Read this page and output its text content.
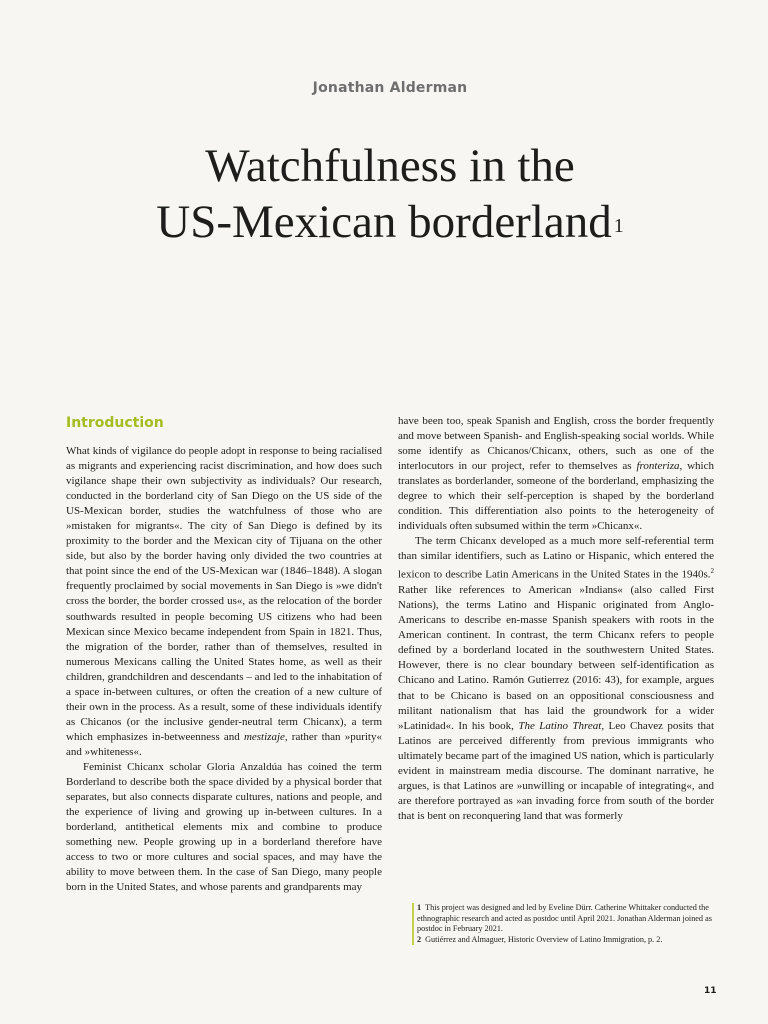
Jonathan Alderman
Watchfulness in the
US-Mexican borderland $^1$
Introduction

What kinds of vigilance do people adopt in response to being racialised as migrants and experiencing racist discrimination, and how does such vigilance shape their own subjectivity as individuals? Our research, conducted in the borderland city of San Diego on the US side of the US-Mexican border, studies the watchfulness of those who are »mistaken for migrants«. The city of San Diego is defined by its proximity to the border and the Mexican city of Tijuana on the other side, but also by the border having only divided the two countries at that point since the end of the US-Mexican war (1846–1848). A slogan frequently proclaimed by social movements in San Diego is »we didn't cross the border, the border crossed us«, as the relocation of the border southwards resulted in people becoming US citizens who had been Mexican since Mexico became independent from Spain in 1821. Thus, the migration of the border, rather than of themselves, resulted in numerous Mexicans calling the United States home, as well as their children, grandchildren and descendants – and led to the inhabitation of a space in-between cultures, or often the creation of a new culture of their own in the process. As a result, some of these individuals identify as Chicanos (or the inclusive gender-neutral term Chicanx), a term which emphasizes in-betweenness and mestizaje, rather than »purity« and »whiteness«.

Feminist Chicanx scholar Gloria Anzaldúa has coined the term Borderland to describe both the space divided by a physical border that separates, but also connects disparate cultures, nations and people, and the experience of living and growing up in-between cultures. In a borderland, antithetical elements mix and combine to produce something new. People growing up in a borderland therefore have access to two or more cultures and social spaces, and may have the ability to move between them. In the case of San Diego, many people born in the United States, and whose parents and grandparents may

have been too, speak Spanish and English, cross the border frequently and move between Spanish- and English-speaking social worlds. While some identify as Chicanos/Chicanx, others, such as one of the interlocutors in our project, refer to themselves as fronteriza, which translates as borderlander, someone of the borderland, emphasizing the degree to which their self-perception is shaped by the borderland condition. This differentiation also points to the heterogeneity of individuals often subsumed within the term »Chicanx«.

The term Chicanx developed as a much more self-referential term than similar identifiers, such as Latino or Hispanic, which entered the lexicon to describe Latin Americans in the United States in the 1940s.$^2$ Rather like references to American »Indians« (also called First Nations), the terms Latino and Hispanic originated from Anglo-Americans to describe en-masse Spanish speakers with roots in the American continent. In contrast, the term Chicanx refers to people defined by a borderland located in the southwestern United States. However, there is no clear boundary between self-identification as Chicano and Latino. Ramón Gutierrez (2016: 43), for example, argues that to be Chicano is based on an oppositional consciousness and militant nationalism that has laid the groundwork for a wider »Latinidad«. In his book, The Latino Threat, Leo Chavez posits that Latinos are perceived differently from previous immigrants who ultimately became part of the imagined US nation, which is particularly evident in mainstream media discourse. The dominant narrative, he argues, is that Latinos are »unwilling or incapable of integrating«, and are therefore portrayed as »an invading force from south of the border that is bent on reconquering land that was formerly

1 This project was designed and led by Eveline Dürr. Catherine Whittaker conducted the ethnographic research and acted as postdoc until April 2021. Jonathan Alderman joined as postdoc in February 2021.

2 Gutiérrez and Almaguer, Historic Overview of Latino Immigration, p. 2.

11
